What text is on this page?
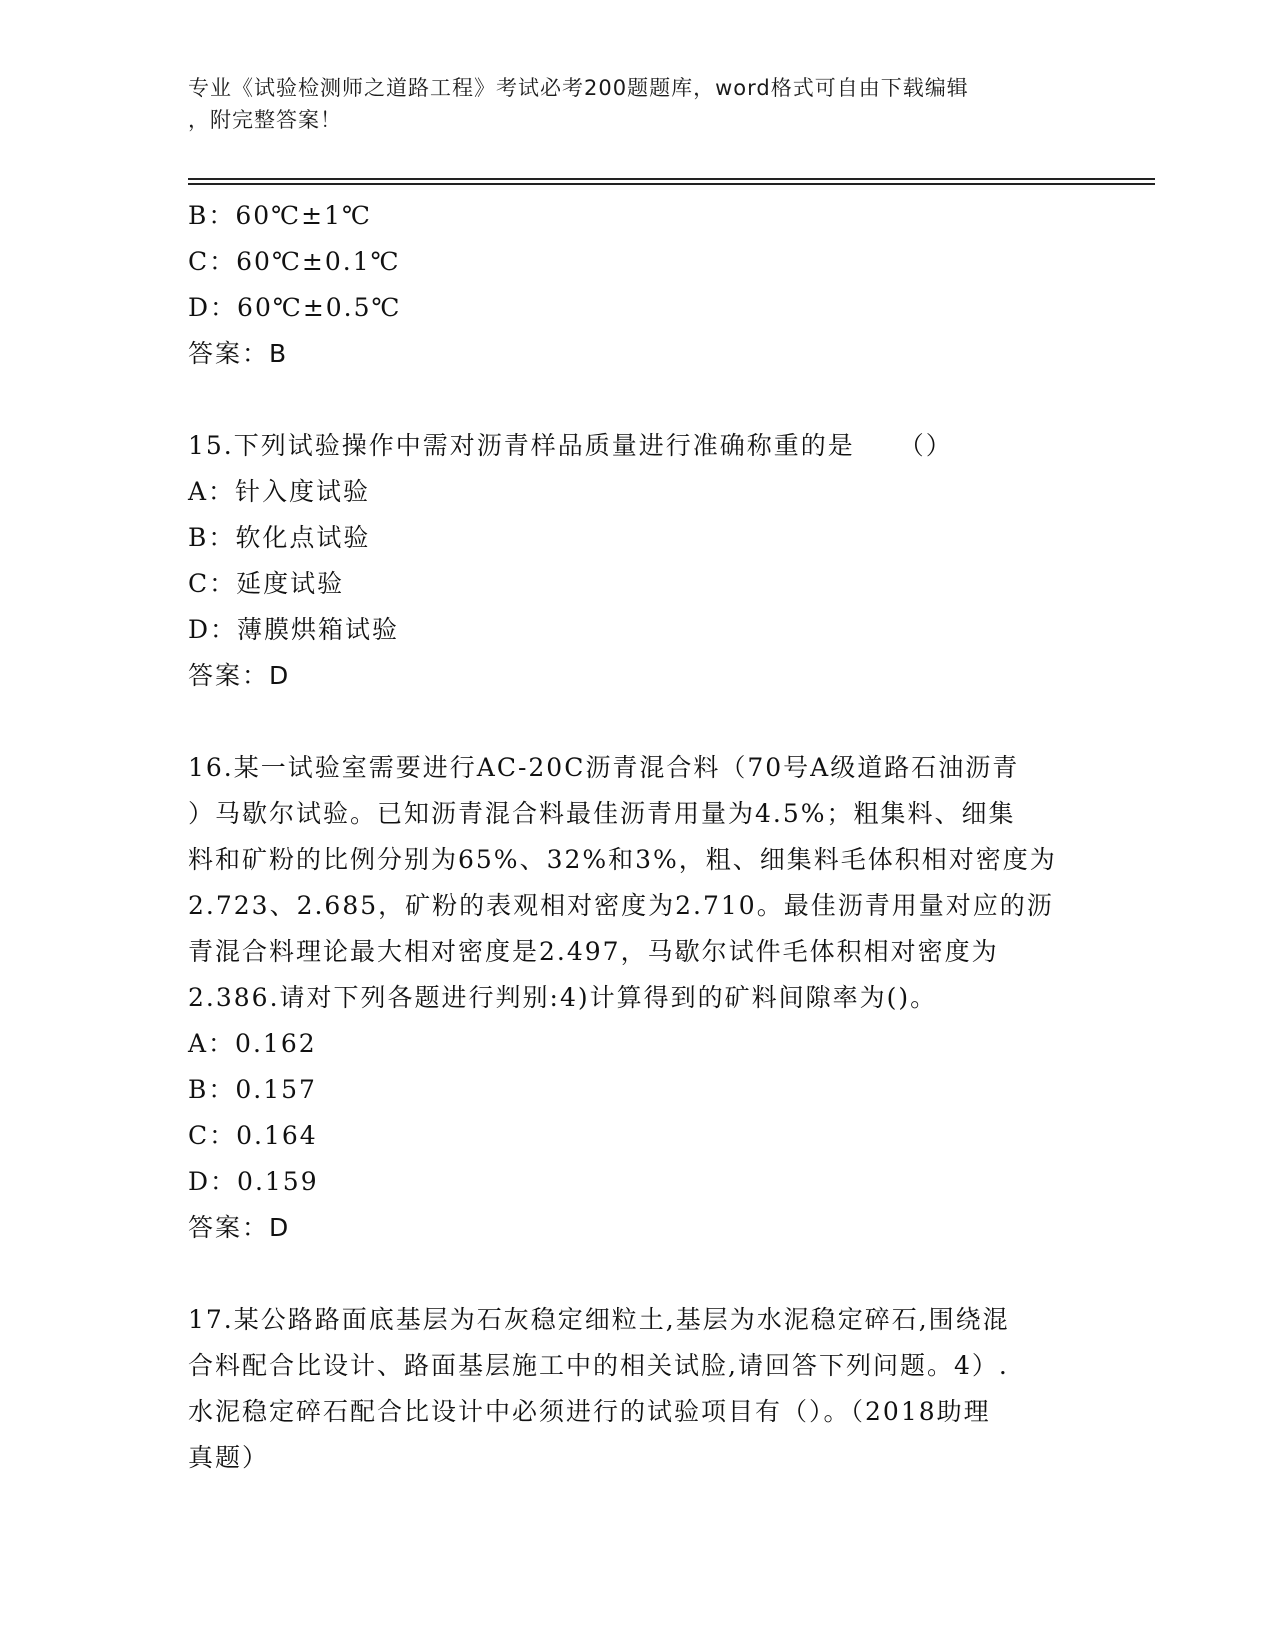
专业《试验检测师之道路工程》考试必考200题题库，word格式可自由下载编辑
，附完整答案！
B：60℃±1℃
C：60℃±0.1℃
D：60℃±0.5℃
答案：B
15.下列试验操作中需对沥青样品质量进行准确称重的是 （）
A：针入度试验
B：软化点试验
C：延度试验
D：薄膜烘箱试验
答案：D
16.某一试验室需要进行AC-20C沥青混合料（70号A级道路石油沥青
）马歇尔试验。已知沥青混合料最佳沥青用量为4.5%；粗集料、细集
料和矿粉的比例分别为65%、32%和3%，粗、细集料毛体积相对密度为
2.723、2.685，矿粉的表观相对密度为2.710。最佳沥青用量对应的沥
青混合料理论最大相对密度是2.497，马歇尔试件毛体积相对密度为
2.386.请对下列各题进行判别:4)计算得到的矿料间隙率为()。
A：0.162
B：0.157
C：0.164
D：0.159
答案：D
17.某公路路面底基层为石灰稳定细粒土,基层为水泥稳定碎石,围绕混
合料配合比设计、路面基层施工中的相关试脸,请回答下列问题。4）.
水泥稳定碎石配合比设计中必须进行的试验项目有（）。（2018助理
真题）
